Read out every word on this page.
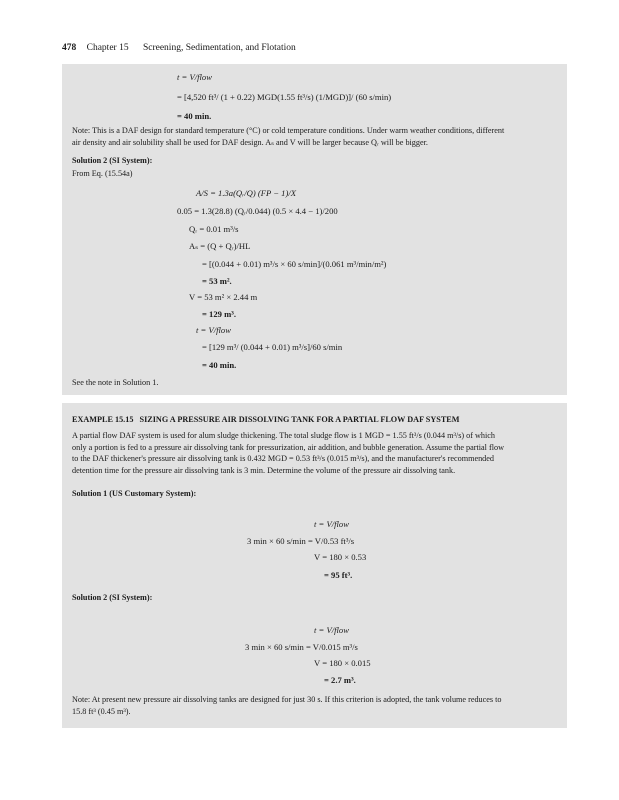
478 Chapter 15 Screening, Sedimentation, and Flotation
t = V/flow
= [4,520 ft³/ (1 + 0.22) MGD(1.55 ft³/s) (1/MGD)]/ (60 s/min)
= 40 min.
Note: This is a DAF design for standard temperature (°C) or cold temperature conditions. Under warm weather conditions, different
air density and air solubility shall be used for DAF design. Aₛ and V will be larger because Qᵣ will be bigger.
Solution 2 (SI System):
From Eq. (15.54a)
A/S = 1.3a(Qᵣ/Q) (FP − 1)/X
0.05 = 1.3(28.8) (Qᵣ/0.044) (0.5 × 4.4 − 1)/200
Qᵣ = 0.01 m³/s
Aₛ = (Q + Qᵣ)/HL
= [(0.044 + 0.01) m³/s × 60 s/min]/(0.061 m³/min/m²)
= 53 m².
V = 53 m² × 2.44 m
= 129 m³.
t = V/flow
= [129 m³/ (0.044 + 0.01) m³/s]/60 s/min
= 40 min.
See the note in Solution 1.
EXAMPLE 15.15   SIZING A PRESSURE AIR DISSOLVING TANK FOR A PARTIAL FLOW DAF SYSTEM
A partial flow DAF system is used for alum sludge thickening. The total sludge flow is 1 MGD = 1.55 ft³/s (0.044 m³/s) of which
only a portion is fed to a pressure air dissolving tank for pressurization, air addition, and bubble generation. Assume the partial flow
to the DAF thickener's pressure air dissolving tank is 0.432 MGD = 0.53 ft³/s (0.015 m³/s), and the manufacturer's recommended
detention time for the pressure air dissolving tank is 3 min. Determine the volume of the pressure air dissolving tank.
Solution 1 (US Customary System):
t = V/flow
3 min × 60 s/min = V/0.53 ft³/s
V = 180 × 0.53
= 95 ft³.
Solution 2 (SI System):
t = V/flow
3 min × 60 s/min = V/0.015 m³/s
V = 180 × 0.015
= 2.7 m³.
Note: At present new pressure air dissolving tanks are designed for just 30 s. If this criterion is adopted, the tank volume reduces to
15.8 ft³ (0.45 m³).
